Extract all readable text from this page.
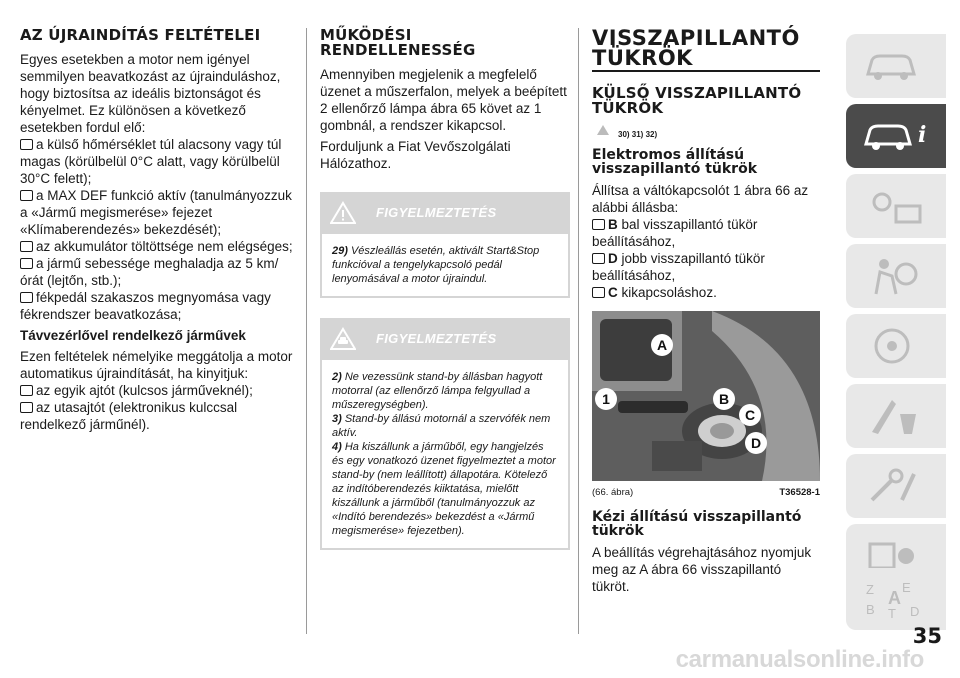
AZ ÚJRAINDÍTÁS FELTÉTELEI

Egyes esetekben a motor nem igényel semmilyen beavatkozást az újrainduláshoz, hogy biztosítsa az ideális biztonságot és kényelmet. Ez különösen a következő esetekben fordul elő:

a külső hőmérséklet túl alacsony vagy túl magas (körülbelül 0°C alatt, vagy körülbelül 30°C felett);
a MAX DEF funkció aktív (tanulmányozzuk a «Jármű megismerése» fejezet «Klímaberendezés» bekezdését);
az akkumulátor töltöttsége nem elégséges;
a jármű sebessége meghaladja az 5 km/órát (lejtőn, stb.);
fékpedál szakaszos megnyomása vagy fékrendszer beavatkozása;
Távvezérlővel rendelkező járművek

Ezen feltételek némelyike meggátolja a motor automatikus újraindítását, ha kinyitjuk:

az egyik ajtót (kulcsos járműveknél);
az utasajtót (elektronikus kulccsal rendelkező járműnél).
MŰKÖDÉSI RENDELLENESSÉG

Amennyiben megjelenik a megfelelő üzenet a műszerfalon, melyek a beépített 2 ellenőrző lámpa ábra 65 követ az 1 gombnál, a rendszer kikapcsol.

Forduljunk a Fiat Vevőszolgálati Hálózathoz.

FIGYELMEZTETÉS
29) Vészleállás esetén, aktivált Start&Stop funkcióval a tengelykapcsoló pedál lenyomásával a motor újraindul.
FIGYELMEZTETÉS
2) Ne vezessünk stand-by állásban hagyott motorral (az ellenőrző lámpa felgyullad a műszeregységben).
3) Stand-by állású motornál a szervófék nem aktív.
4) Ha kiszállunk a járműből, egy hangjelzés és egy vonatkozó üzenet figyelmeztet a motor stand-by (nem leállított) állapotára. Kötelező az indítóberendezés kiiktatása, mielőtt kiszállunk a járműből (tanulmányozzuk az «Indító berendezés» bekezdést a «Jármű megismerése» fejezetben).
VISSZAPILLANTÓ TÜKRÖK
KÜLSŐ VISSZAPILLANTÓ TÜKRÖK
30) 31) 32)
Elektromos állítású visszapillantó tükrök

Állítsa a váltókapcsolót 1 ábra 66 az alábbi állásba:

B bal visszapillantó tükör beállításához,
D jobb visszapillantó tükör beállításához,
C kikapcsoláshoz.
A
1	B
C
D
(66. ábra)	T36528-1
Kézi állítású visszapillantó tükrök

A beállítás végrehajtásához nyomjuk meg az A ábra 66 visszapillantó tükröt.

i
Z E
B T D
A
35
carmanualsonline.info
